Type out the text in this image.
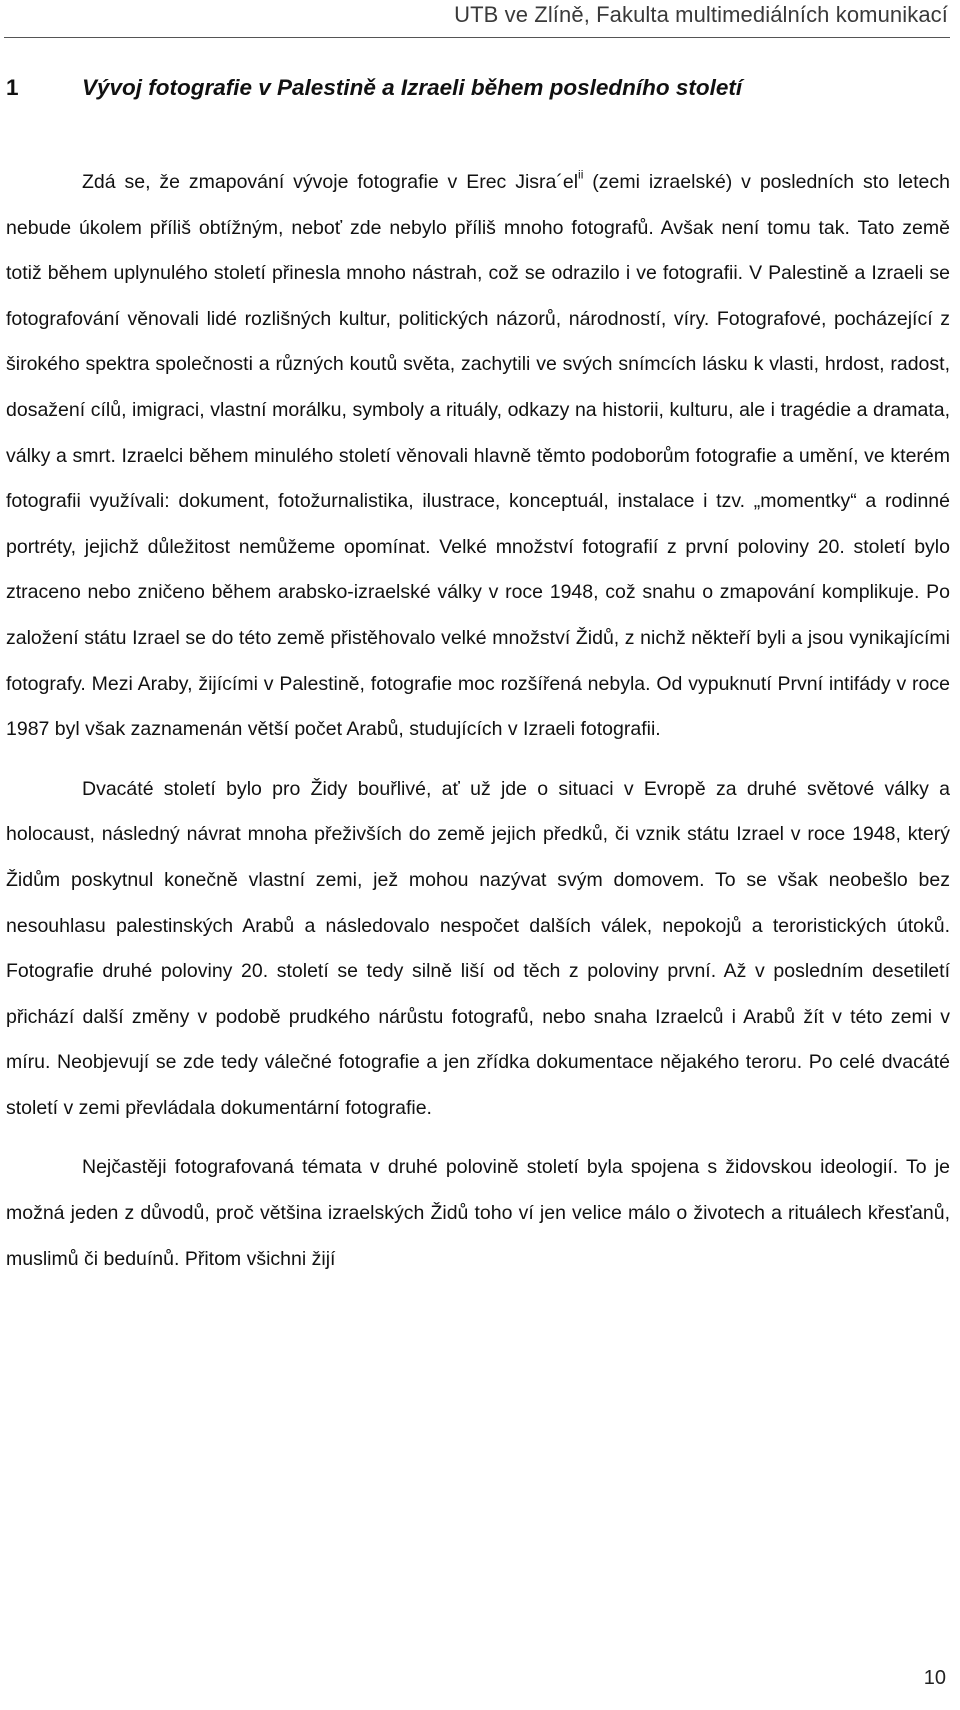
UTB ve Zlíně, Fakulta multimediálních komunikací
1	Vývoj fotografie v Palestině a Izraeli během posledního století

Zdá se, že zmapování vývoje fotografie v Erec Jisra´el$^{ii}$ (zemi izraelské) v posledních sto letech nebude úkolem příliš obtížným, neboť zde nebylo příliš mnoho fotografů. Avšak není tomu tak. Tato země totiž během uplynulého století přinesla mnoho nástrah, což se odrazilo i ve fotografii. V Palestině a Izraeli se fotografování věnovali lidé rozlišných kultur, politických názorů, národností, víry. Fotografové, pocházející z širokého spektra společnosti a různých koutů světa, zachytili ve svých snímcích lásku k vlasti, hrdost, radost, dosažení cílů, imigraci, vlastní morálku, symboly a rituály, odkazy na historii, kulturu, ale i tragédie a dramata, války a smrt. Izraelci během minulého století věnovali hlavně těmto podoborům fotografie a umění, ve kterém fotografii využívali: dokument, fotožurnalistika, ilustrace, konceptuál, instalace i tzv. „momentky“ a rodinné portréty, jejichž důležitost nemůžeme opomínat. Velké množství fotografií z první poloviny 20. století bylo ztraceno nebo zničeno během arabsko-izraelské války v roce 1948, což snahu o zmapování komplikuje. Po založení státu Izrael se do této země přistěhovalo velké množství Židů, z nichž někteří byli a jsou vynikajícími fotografy. Mezi Araby, žijícími v Palestině, fotografie moc rozšířená nebyla. Od vypuknutí První intifády v roce 1987 byl však zaznamenán větší počet Arabů, studujících v Izraeli fotografii.

Dvacáté století bylo pro Židy bouřlivé, ať už jde o situaci v Evropě za druhé světové války a holocaust, následný návrat mnoha přeživších do země jejich předků, či vznik státu Izrael v roce 1948, který Židům poskytnul konečně vlastní zemi, jež mohou nazývat svým domovem. To se však neobešlo bez nesouhlasu palestinských Arabů a následovalo nespočet dalších válek, nepokojů a teroristických útoků. Fotografie druhé poloviny 20. století se tedy silně liší od těch z poloviny první. Až v posledním desetiletí přichází další změny v podobě prudkého nárůstu fotografů, nebo snaha Izraelců i Arabů žít v této zemi v míru. Neobjevují se zde tedy válečné fotografie a jen zřídka dokumentace nějakého teroru. Po celé dvacáté století v zemi převládala dokumentární fotografie.

Nejčastěji fotografovaná témata v druhé polovině století byla spojena s židovskou ideologií. To je možná jeden z důvodů, proč většina izraelských Židů toho ví jen velice málo o životech a rituálech křesťanů, muslimů či beduínů. Přitom všichni žijí

10
